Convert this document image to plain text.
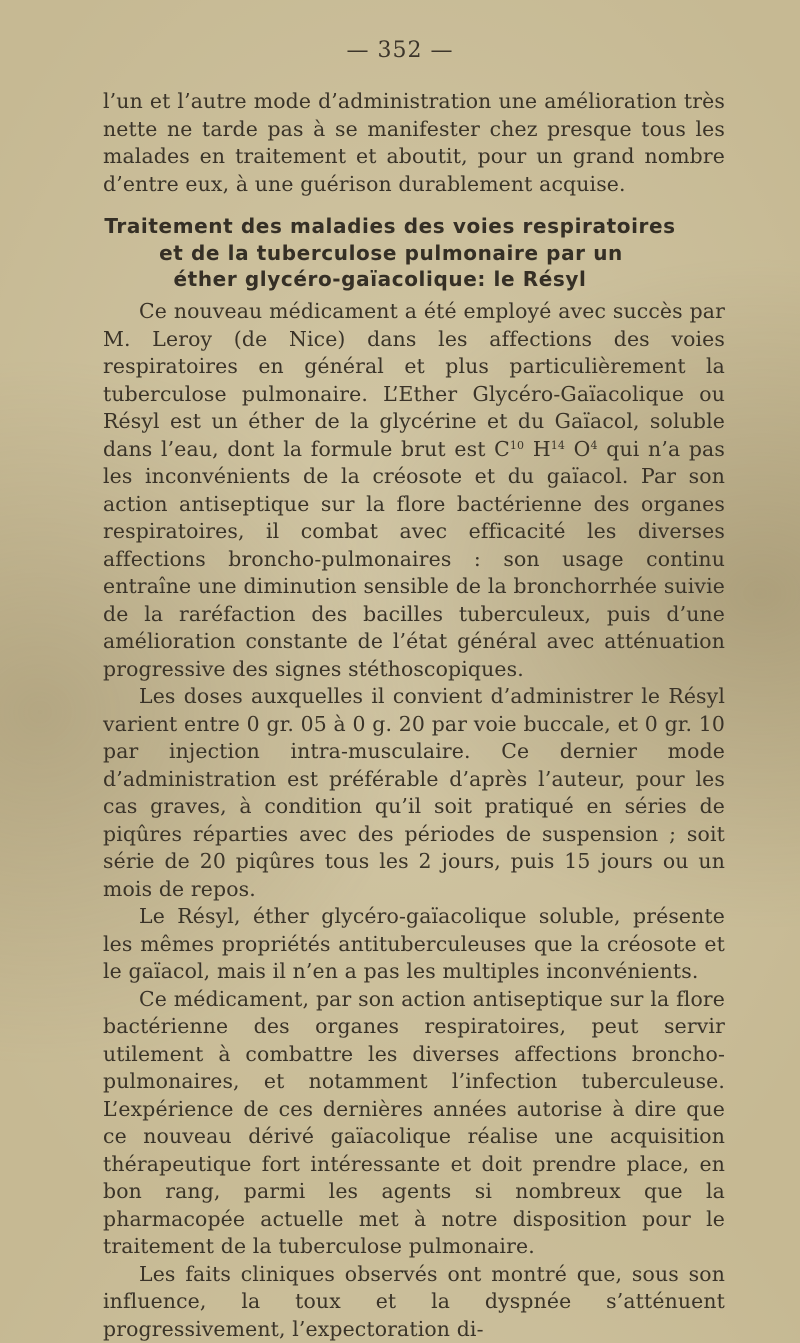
— 352 —

l’un et l’autre mode d’administration une amélioration très nette ne tarde pas à se manifester chez presque tous les malades en traitement et aboutit, pour un grand nombre d’entre eux, à une guérison durablement acquise.

Traitement des maladies des voies respiratoires
et de la tuberculose pulmonaire par un
éther glycéro-gaïacolique: le Résyl

Ce nouveau médicament a été employé avec succès par M. Leroy (de Nice) dans les affections des voies respiratoires en général et plus particulièrement la tuberculose pulmonaire. L’Ether Glycéro-Gaïacolique ou Résyl est un éther de la glycérine et du Gaïacol, soluble dans l’eau, dont la formule brut est $C^{10}$ $H^{14}$ $O^4$ qui n’a pas les inconvénients de la créosote et du gaïacol. Par son action antiseptique sur la flore bactérienne des organes respiratoires, il combat avec efficacité les diverses affections broncho-pulmonaires : son usage continu entraîne une diminution sensible de la bronchorrhée suivie de la raréfaction des bacilles tuberculeux, puis d’une amélioration constante de l’état général avec atténuation progressive des signes stéthoscopiques.

Les doses auxquelles il convient d’administrer le Résyl varient entre 0 gr. 05 à 0 g. 20 par voie buccale, et 0 gr. 10 par injection intra-musculaire. Ce dernier mode d’administration est préférable d’après l’auteur, pour les cas graves, à condition qu’il soit pratiqué en séries de piqûres réparties avec des périodes de suspension ; soit série de 20 piqûres tous les 2 jours, puis 15 jours ou un mois de repos.

Le Résyl, éther glycéro-gaïacolique soluble, présente les mêmes propriétés antituberculeuses que la créosote et le gaïacol, mais il n’en a pas les multiples inconvénients.

Ce médicament, par son action antiseptique sur la flore bactérienne des organes respiratoires, peut servir utilement à combattre les diverses affections broncho-pulmonaires, et notamment l’infection tuberculeuse. L’expérience de ces dernières années autorise à dire que ce nouveau dérivé gaïacolique réalise une acquisition thérapeutique fort intéressante et doit prendre place, en bon rang, parmi les agents si nombreux que la pharmacopée actuelle met à notre disposition pour le traitement de la tuberculose pulmonaire.

Les faits cliniques observés ont montré que, sous son influence, la toux et la dyspnée s’atténuent progressivement, l’expectoration di-
